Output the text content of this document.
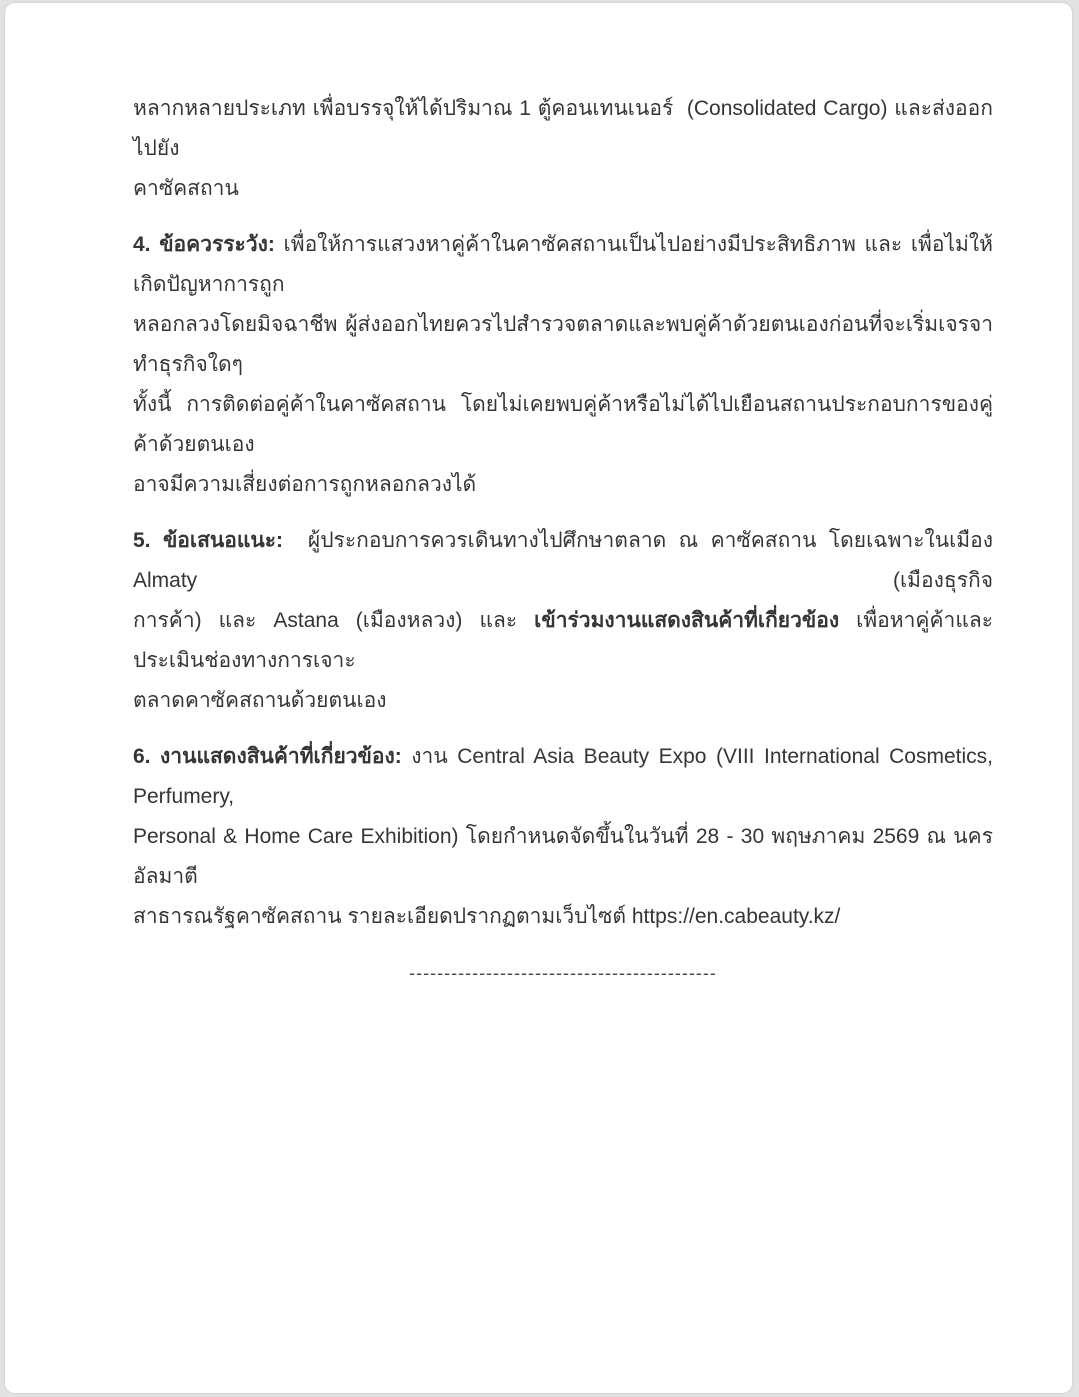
หลากหลายประเภท เพื่อบรรจุให้ได้ปริมาณ 1 ตู้คอนเทนเนอร์  (Consolidated Cargo) และส่งออกไปยัง
คาซัคสถาน
4. ข้อควรระวัง: เพื่อให้การแสวงหาคู่ค้าในคาซัคสถานเป็นไปอย่างมีประสิทธิภาพ และ เพื่อไม่ให้เกิดปัญหาการถูก
หลอกลวงโดยมิจฉาชีพ ผู้ส่งออกไทยควรไปสำรวจตลาดและพบคู่ค้าด้วยตนเองก่อนที่จะเริ่มเจรจาทำธุรกิจใดๆ
ทั้งนี้ การติดต่อคู่ค้าในคาซัคสถาน โดยไม่เคยพบคู่ค้าหรือไม่ได้ไปเยือนสถานประกอบการของคู่ค้าด้วยตนเอง
อาจมีความเสี่ยงต่อการถูกหลอกลวงได้
5. ข้อเสนอแนะ:  ผู้ประกอบการควรเดินทางไปศึกษาตลาด ณ คาซัคสถาน โดยเฉพาะในเมือง Almaty (เมืองธุรกิจ
การค้า) และ Astana (เมืองหลวง) และ เข้าร่วมงานแสดงสินค้าที่เกี่ยวข้อง เพื่อหาคู่ค้าและประเมินช่องทางการเจาะ
ตลาดคาซัคสถานด้วยตนเอง
6. งานแสดงสินค้าที่เกี่ยวข้อง: งาน Central Asia Beauty Expo (VIII International Cosmetics, Perfumery,
Personal & Home Care Exhibition) โดยกำหนดจัดขึ้นในวันที่ 28 - 30 พฤษภาคม 2569 ณ นครอัลมาตี
สาธารณรัฐคาซัคสถาน รายละเอียดปรากฏตามเว็บไซต์ https://en.cabeauty.kz/
--------------------------------------------
